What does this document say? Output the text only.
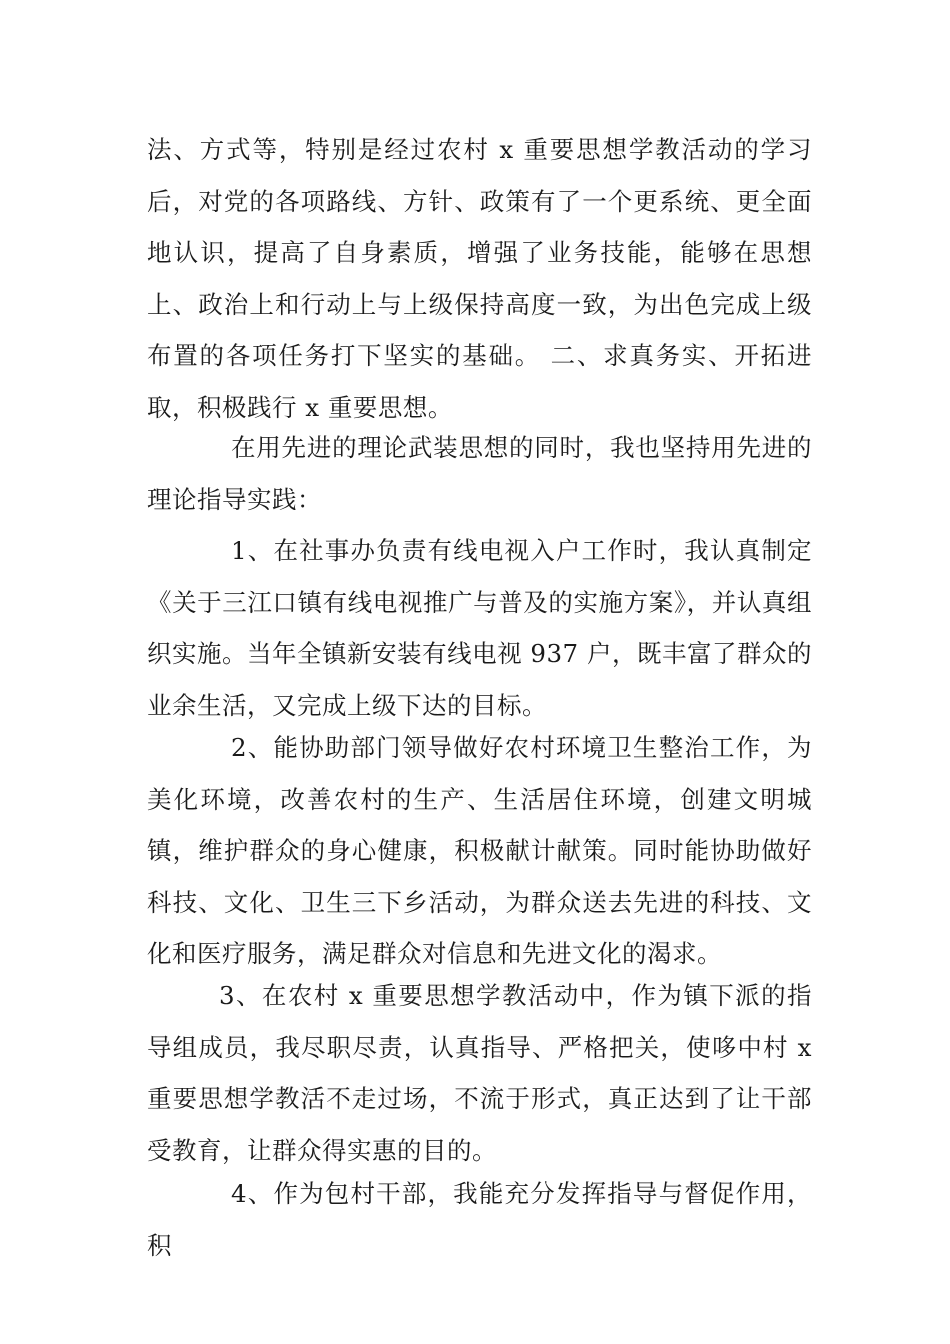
法、方式等，特别是经过农村 x 重要思想学教活动的学习后，对党的各项路线、方针、政策有了一个更系统、更全面地认识，提高了自身素质，增强了业务技能，能够在思想上、政治上和行动上与上级保持高度一致，为出色完成上级布置的各项任务打下坚实的基础。 二、求真务实、开拓进取，积极践行 x 重要思想。

在用先进的理论武装思想的同时，我也坚持用先进的理论指导实践：

1、在社事办负责有线电视入户工作时，我认真制定《关于三江口镇有线电视推广与普及的实施方案》，并认真组织实施。当年全镇新安装有线电视 937 户，既丰富了群众的业余生活，又完成上级下达的目标。

2、能协助部门领导做好农村环境卫生整治工作，为美化环境，改善农村的生产、生活居住环境，创建文明城镇，维护群众的身心健康，积极献计献策。同时能协助做好科技、文化、卫生三下乡活动，为群众送去先进的科技、文化和医疗服务，满足群众对信息和先进文化的渴求。

3、在农村 x 重要思想学教活动中，作为镇下派的指导组成员，我尽职尽责，认真指导、严格把关，使哆中村 x 重要思想学教活不走过场，不流于形式，真正达到了让干部受教育，让群众得实惠的目的。

4、作为包村干部，我能充分发挥指导与督促作用，积
